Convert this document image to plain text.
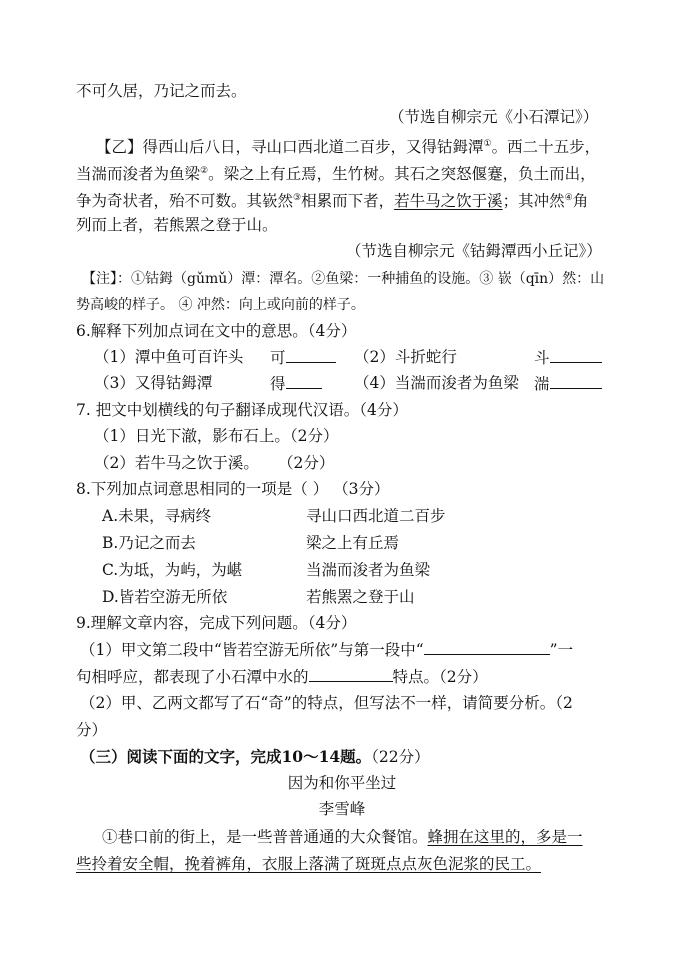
不可久居，乃记之而去。
（节选自柳宗元《小石潭记》）
【乙】得西山后八日，寻山口西北道二百步，又得钴鉧潭①。西二十五步，
当湍而浚者为鱼梁②。梁之上有丘焉，生竹树。其石之突怒偃蹇，负土而出，
争为奇状者，殆不可数。其嵚然③相累而下者，若牛马之饮于溪；其冲然④角
列而上者，若熊罴之登于山。
（节选自柳宗元《钴鉧潭西小丘记》）
【注】：①钴鉧（gǔmǔ）潭：潭名。②鱼梁：一种捕鱼的设施。③ 嵚（qīn）然：山
势高峻的样子。 ④ 冲然：向上或向前的样子。
6.解释下列加点词在文中的意思。（4分）
（1）潭中鱼可百许头 可	（2）斗折蛇行	斗
（3）又得钴鉧潭	得	（4）当湍而浚者为鱼梁 湍
7. 把文中划横线的句子翻译成现代汉语。（4分）
（1）日光下澈，影布石上。（2分）
（2）若牛马之饮于溪。 （2分）
8.下列加点词意思相同的一项是（ ） （3分）
A.未果，寻病终	寻山口西北道二百步
B.乃记之而去	梁之上有丘焉
C.为坻，为屿，为嵁	当湍而浚者为鱼梁
D.皆若空游无所依	若熊罴之登于山
9.理解文章内容，完成下列问题。（4分）
（1）甲文第二段中“皆若空游无所依”与第一段中“	”一
句相呼应，都表现了小石潭中水的	特点。（2分）
（2）甲、乙两文都写了石“奇”的特点，但写法不一样，请简要分析。（2
分）
（三）阅读下面的文字，完成10～14题。（22分）
因为和你平坐过
李雪峰
①巷口前的街上，是一些普普通通的大众餐馆。蜂拥在这里的，多是一
些拎着安全帽，挽着裤角，衣服上落满了斑斑点点灰色泥浆的民工。
